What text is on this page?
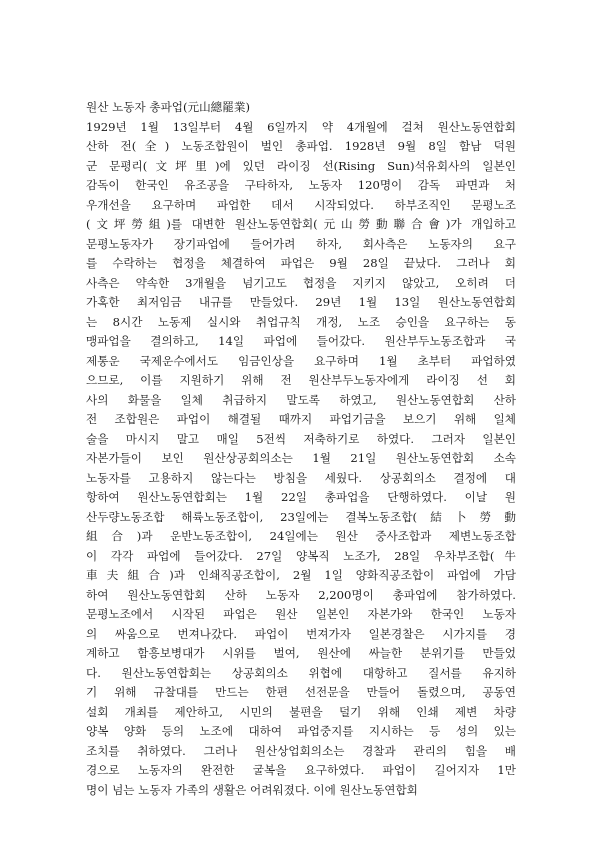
원산 노동자 총파업(元山總罷業)
1929년 1월 13일부터 4월 6일까지 약 4개월에 걸쳐 원산노동연합회
산하 전(全) 노동조합원이 벌인 총파업. 1928년 9월 8일 함남 덕원
군 문평리(文坪里)에 있던 라이징 선(Rising Sun)석유회사의 일본인
감독이 한국인 유조공을 구타하자, 노동자 120명이 감독 파면과 처
우개선을 요구하며 파업한 데서 시작되었다. 하부조직인 문평노조
(文坪勞組)를 대변한 원산노동연합회(元山勞動聯合會)가 개입하고
문평노동자가 장기파업에 들어가려 하자, 회사측은 노동자의 요구
를 수락하는 협정을 체결하여 파업은 9월 28일 끝났다. 그러나 회
사측은 약속한 3개월을 넘기고도 협정을 지키지 않았고, 오히려 더
가혹한 최저임금 내규를 만들었다. 29년 1월 13일 원산노동연합회
는 8시간 노동제 실시와 취업규칙 개정, 노조 승인을 요구하는 동
맹파업을 결의하고, 14일 파업에 들어갔다. 원산부두노동조합과 국
제통운 국제운수에서도 임금인상을 요구하며 1월 초부터 파업하였
으므로, 이를 지원하기 위해 전 원산부두노동자에게 라이징 선 회
사의 화물을 일체 취급하지 말도록 하였고, 원산노동연합회 산하
전 조합원은 파업이 해결될 때까지 파업기금을 보으기 위해 일체
술을 마시지 말고 매일 5전씩 저축하기로 하였다. 그러자 일본인
자본가들이 보인 원산상공회의소는 1월 21일 원산노동연합회 소속
노동자를 고용하지 않는다는 방침을 세웠다. 상공회의소 결정에 대
항하여 원산노동연합회는 1월 22일 총파업을 단행하였다. 이날 원
산두량노동조합 해륙노동조합이, 23일에는 결복노동조합(結卜勞動
組合)과 운반노동조합이, 24일에는 원산 중사조합과 제변노동조합
이 각각 파업에 들어갔다. 27일 양복직 노조가, 28일 우차부조합(牛
車夫組合)과 인쇄직공조합이, 2월 1일 양화직공조합이 파업에 가담
하여 원산노동연합회 산하 노동자 2,200명이 총파업에 참가하였다.
문평노조에서 시작된 파업은 원산 일본인 자본가와 한국인 노동자
의 싸움으로 번져나갔다. 파업이 번져가자 일본경찰은 시가지를 경
계하고 함흥보병대가 시위를 벌여, 원산에 싸늘한 분위기를 만들었
다. 원산노동연합회는 상공회의소 위협에 대항하고 질서를 유지하
기 위해 규찰대를 만드는 한편 선전문을 만들어 돌렸으며, 공동연
설회 개최를 제안하고, 시민의 불편을 덜기 위해 인쇄 제변 차량
양복 양화 등의 노조에 대하여 파업중지를 지시하는 등 성의 있는
조치를 취하였다. 그러나 원산상업회의소는 경찰과 관리의 힘을 배
경으로 노동자의 완전한 굴복을 요구하였다. 파업이 길어지자 1만
명이 넘는 노동자 가족의 생활은 어려워졌다. 이에 원산노동연합회
